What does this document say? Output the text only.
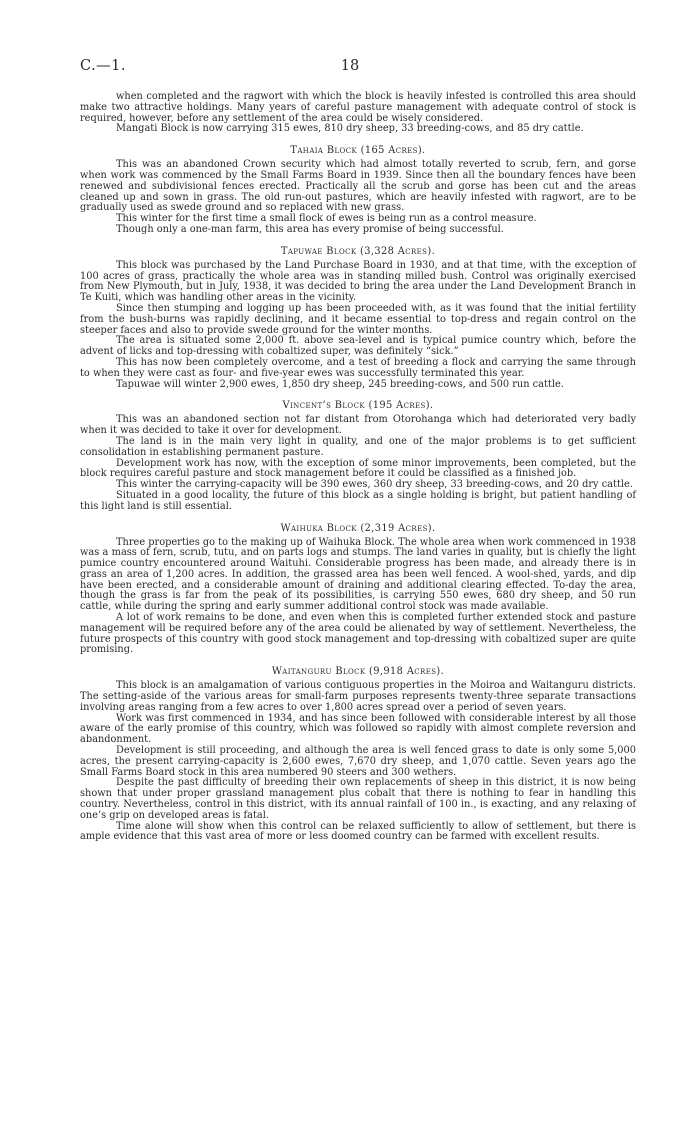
C.—1.	18

when completed and the ragwort with which the block is heavily infested is controlled this area should make two attractive holdings. Many years of careful pasture management with adequate control of stock is required, however, before any settlement of the area could be wisely considered.

Mangati Block is now carrying 315 ewes, 810 dry sheep, 33 breeding-cows, and 85 dry cattle.

Tahaia Block (165 Acres).

This was an abandoned Crown security which had almost totally reverted to scrub, fern, and gorse when work was commenced by the Small Farms Board in 1939. Since then all the boundary fences have been renewed and subdivisional fences erected. Practically all the scrub and gorse has been cut and the areas cleaned up and sown in grass. The old run-out pastures, which are heavily infested with ragwort, are to be gradually used as swede ground and so replaced with new grass.

This winter for the first time a small flock of ewes is being run as a control measure.

Though only a one-man farm, this area has every promise of being successful.

Tapuwae Block (3,328 Acres).

This block was purchased by the Land Purchase Board in 1930, and at that time, with the exception of 100 acres of grass, practically the whole area was in standing milled bush. Control was originally exercised from New Plymouth, but in July, 1938, it was decided to bring the area under the Land Development Branch in Te Kuiti, which was handling other areas in the vicinity.

Since then stumping and logging up has been proceeded with, as it was found that the initial fertility from the bush-burns was rapidly declining, and it became essential to top-dress and regain control on the steeper faces and also to provide swede ground for the winter months.

The area is situated some 2,000 ft. above sea-level and is typical pumice country which, before the advent of licks and top-dressing with cobaltized super, was definitely “sick.”

This has now been completely overcome, and a test of breeding a flock and carrying the same through to when they were cast as four- and five-year ewes was successfully terminated this year.

Tapuwae will winter 2,900 ewes, 1,850 dry sheep, 245 breeding-cows, and 500 run cattle.

Vincent’s Block (195 Acres).

This was an abandoned section not far distant from Otorohanga which had deteriorated very badly when it was decided to take it over for development.

The land is in the main very light in quality, and one of the major problems is to get sufficient consolidation in establishing permanent pasture.

Development work has now, with the exception of some minor improvements, been completed, but the block requires careful pasture and stock management before it could be classified as a finished job.

This winter the carrying-capacity will be 390 ewes, 360 dry sheep, 33 breeding-cows, and 20 dry cattle.

Situated in a good locality, the future of this block as a single holding is bright, but patient handling of this light land is still essential.

Waihuka Block (2,319 Acres).

Three properties go to the making up of Waihuka Block. The whole area when work commenced in 1938 was a mass of fern, scrub, tutu, and on parts logs and stumps. The land varies in quality, but is chiefly the light pumice country encountered around Waituhi. Considerable progress has been made, and already there is in grass an area of 1,200 acres. In addition, the grassed area has been well fenced. A wool-shed, yards, and dip have been erected, and a considerable amount of draining and additional clearing effected. To-day the area, though the grass is far from the peak of its possibilities, is carrying 550 ewes, 680 dry sheep, and 50 run cattle, while during the spring and early summer additional control stock was made available.

A lot of work remains to be done, and even when this is completed further extended stock and pasture management will be required before any of the area could be alienated by way of settlement. Nevertheless, the future prospects of this country with good stock management and top-dressing with cobaltized super are quite promising.

Waitanguru Block (9,918 Acres).

This block is an amalgamation of various contiguous properties in the Moiroa and Waitanguru districts. The setting-aside of the various areas for small-farm purposes represents twenty-three separate transactions involving areas ranging from a few acres to over 1,800 acres spread over a period of seven years.

Work was first commenced in 1934, and has since been followed with considerable interest by all those aware of the early promise of this country, which was followed so rapidly with almost complete reversion and abandonment.

Development is still proceeding, and although the area is well fenced grass to date is only some 5,000 acres, the present carrying-capacity is 2,600 ewes, 7,670 dry sheep, and 1,070 cattle. Seven years ago the Small Farms Board stock in this area numbered 90 steers and 300 wethers.

Despite the past difficulty of breeding their own replacements of sheep in this district, it is now being shown that under proper grassland management plus cobalt that there is nothing to fear in handling this country. Nevertheless, control in this district, with its annual rainfall of 100 in., is exacting, and any relaxing of one’s grip on developed areas is fatal.

Time alone will show when this control can be relaxed sufficiently to allow of settlement, but there is ample evidence that this vast area of more or less doomed country can be farmed with excellent results.
